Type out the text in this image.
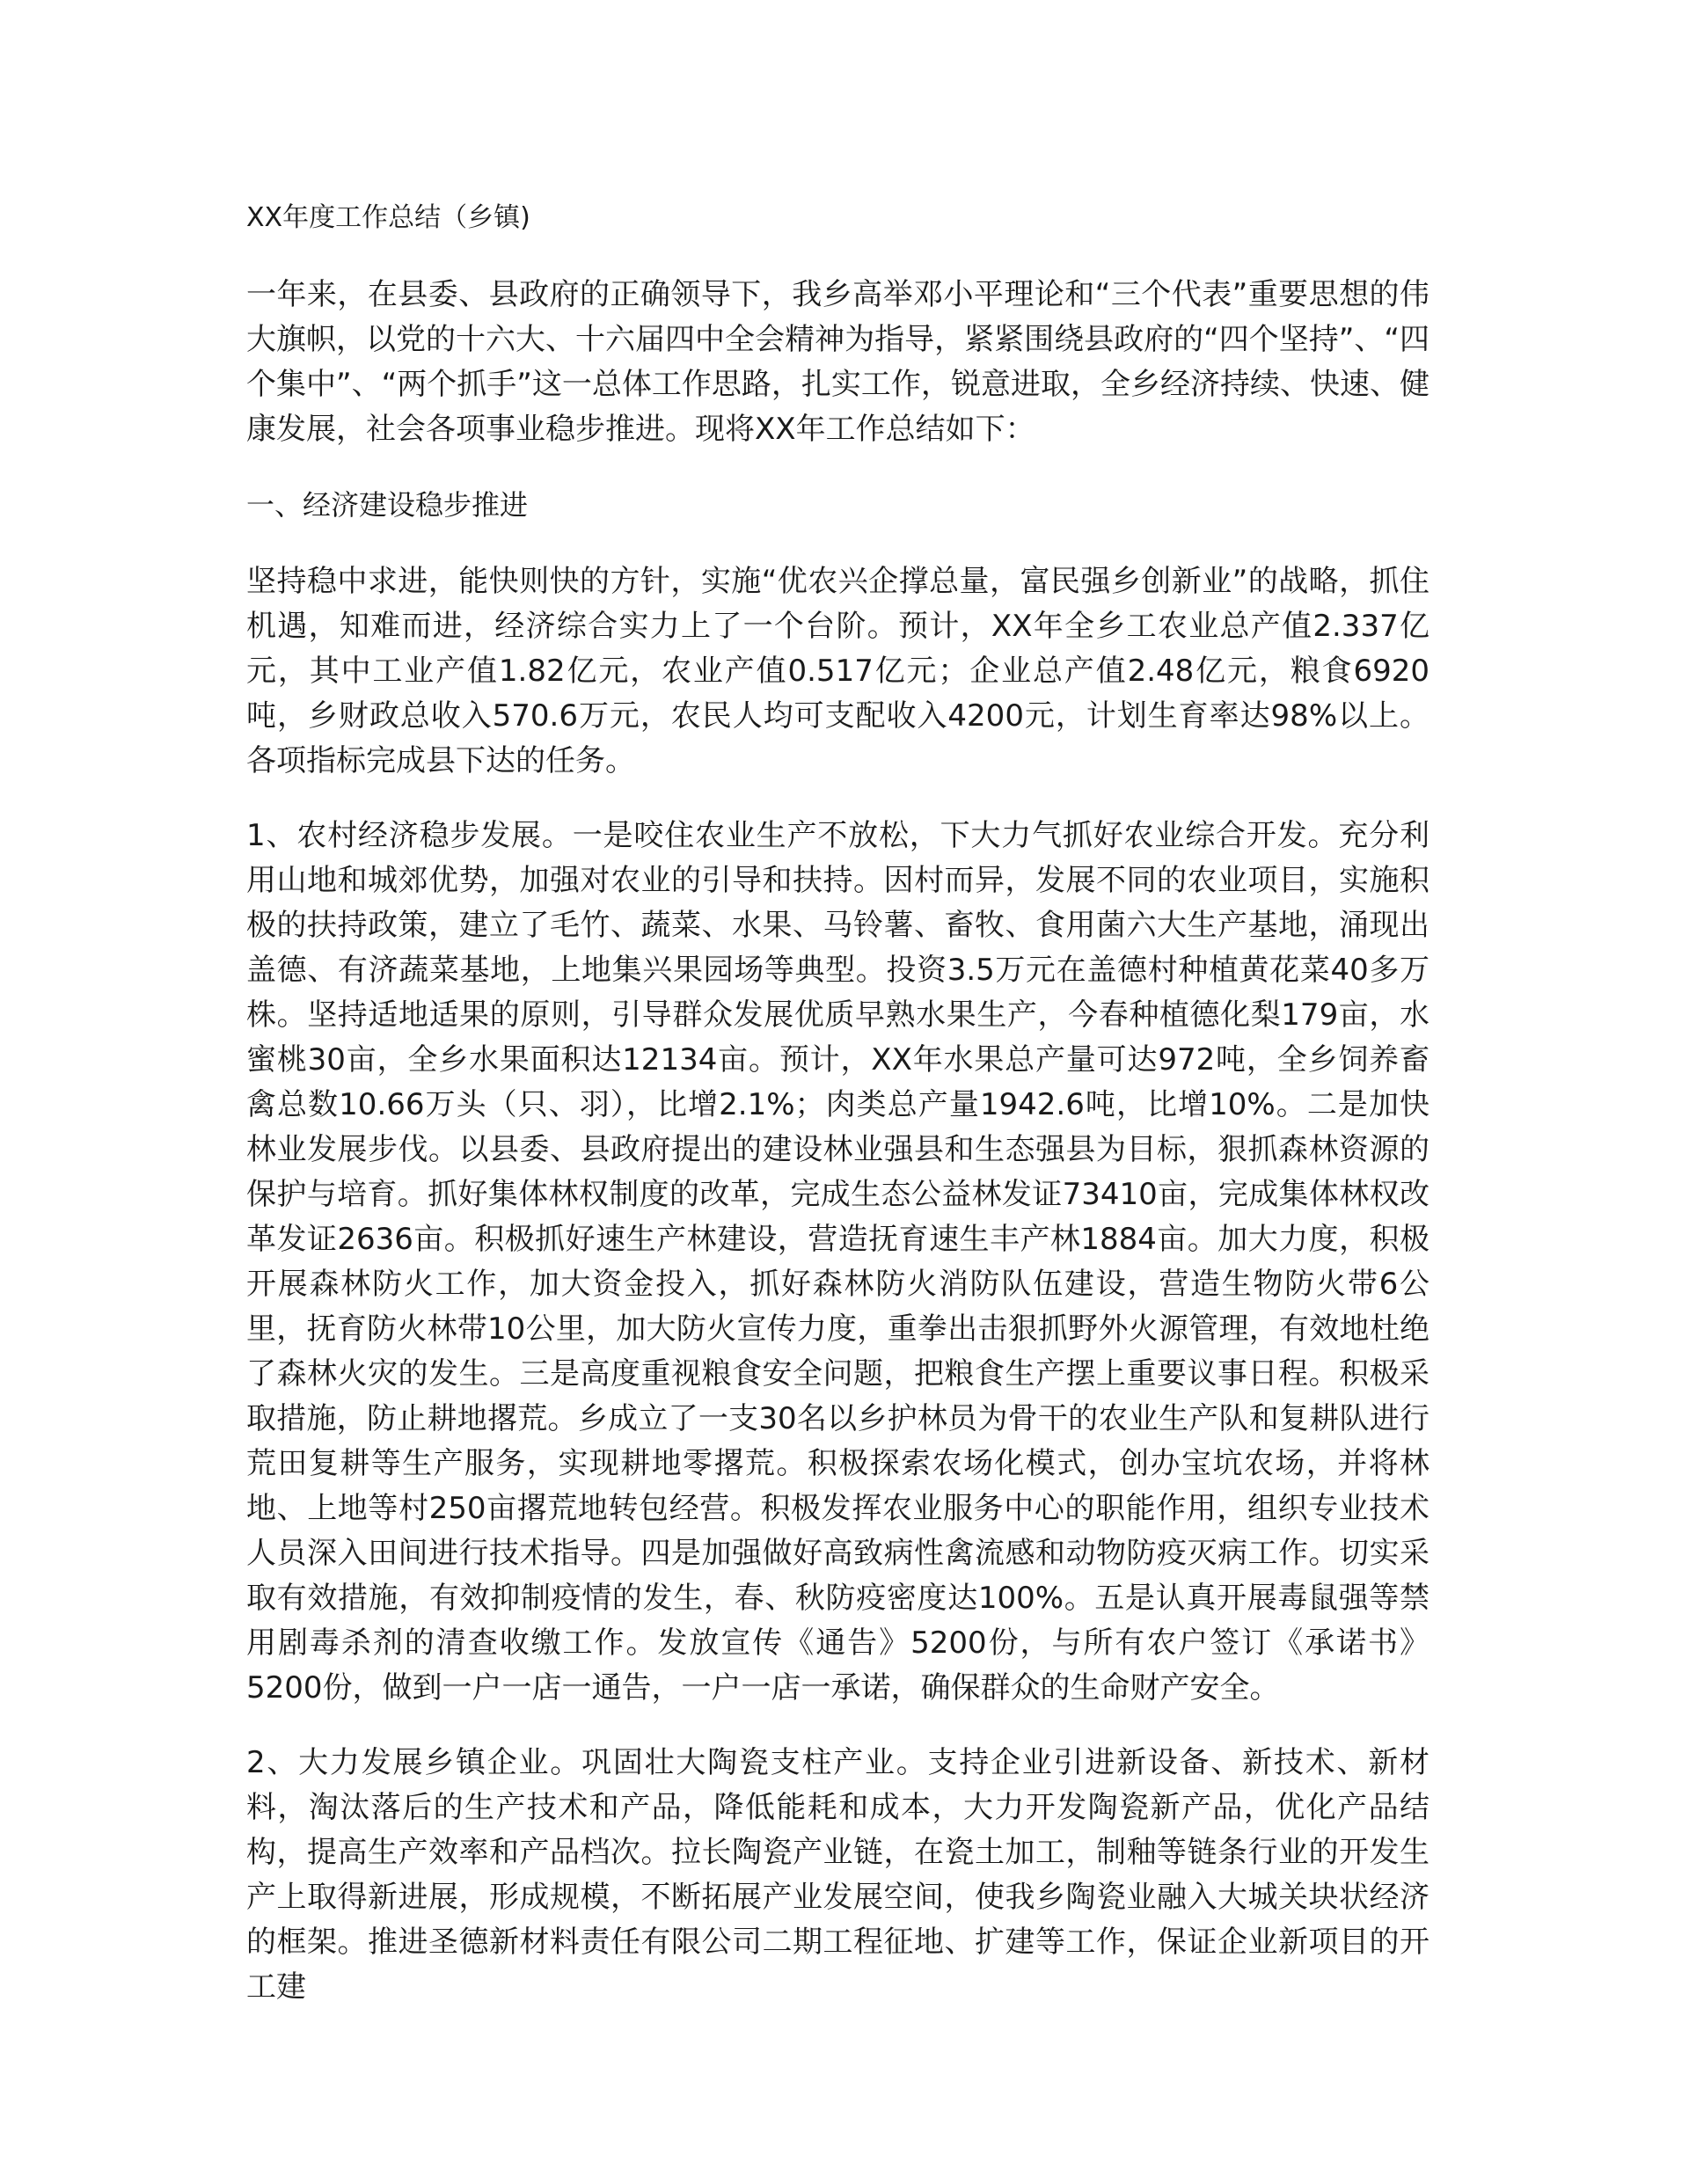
XX年度工作总结（乡镇)

一年来，在县委、县政府的正确领导下，我乡高举邓小平理论和“三个代表”重要思想的伟大旗帜，以党的十六大、十六届四中全会精神为指导，紧紧围绕县政府的“四个坚持”、“四个集中”、“两个抓手”这一总体工作思路，扎实工作，锐意进取，全乡经济持续、快速、健康发展，社会各项事业稳步推进。现将XX年工作总结如下：

一、经济建设稳步推进

坚持稳中求进，能快则快的方针，实施“优农兴企撑总量，富民强乡创新业”的战略，抓住机遇，知难而进，经济综合实力上了一个台阶。预计，XX年全乡工农业总产值2.337亿元，其中工业产值1.82亿元，农业产值0.517亿元；企业总产值2.48亿元，粮食6920吨，乡财政总收入570.6万元，农民人均可支配收入4200元，计划生育率达98%以上。各项指标完成县下达的任务。

1、农村经济稳步发展。一是咬住农业生产不放松，下大力气抓好农业综合开发。充分利用山地和城郊优势，加强对农业的引导和扶持。因村而异，发展不同的农业项目，实施积极的扶持政策，建立了毛竹、蔬菜、水果、马铃薯、畜牧、食用菌六大生产基地，涌现出盖德、有济蔬菜基地，上地集兴果园场等典型。投资3.5万元在盖德村种植黄花菜40多万株。坚持适地适果的原则，引导群众发展优质早熟水果生产，今春种植德化梨179亩，水蜜桃30亩，全乡水果面积达12134亩。预计，XX年水果总产量可达972吨，全乡饲养畜禽总数10.66万头（只、羽），比增2.1%；肉类总产量1942.6吨，比增10%。二是加快林业发展步伐。以县委、县政府提出的建设林业强县和生态强县为目标，狠抓森林资源的保护与培育。抓好集体林权制度的改革，完成生态公益林发证73410亩，完成集体林权改革发证2636亩。积极抓好速生产林建设，营造抚育速生丰产林1884亩。加大力度，积极开展森林防火工作，加大资金投入，抓好森林防火消防队伍建设，营造生物防火带6公里，抚育防火林带10公里，加大防火宣传力度，重拳出击狠抓野外火源管理，有效地杜绝了森林火灾的发生。三是高度重视粮食安全问题，把粮食生产摆上重要议事日程。积极采取措施，防止耕地撂荒。乡成立了一支30名以乡护林员为骨干的农业生产队和复耕队进行荒田复耕等生产服务，实现耕地零撂荒。积极探索农场化模式，创办宝坑农场，并将林地、上地等村250亩撂荒地转包经营。积极发挥农业服务中心的职能作用，组织专业技术人员深入田间进行技术指导。四是加强做好高致病性禽流感和动物防疫灭病工作。切实采取有效措施，有效抑制疫情的发生，春、秋防疫密度达100%。五是认真开展毒鼠强等禁用剧毒杀剂的清查收缴工作。发放宣传《通告》5200份，与所有农户签订《承诺书》5200份，做到一户一店一通告，一户一店一承诺，确保群众的生命财产安全。

2、大力发展乡镇企业。巩固壮大陶瓷支柱产业。支持企业引进新设备、新技术、新材料，淘汰落后的生产技术和产品，降低能耗和成本，大力开发陶瓷新产品，优化产品结构，提高生产效率和产品档次。拉长陶瓷产业链，在瓷土加工，制釉等链条行业的开发生产上取得新进展，形成规模，不断拓展产业发展空间，使我乡陶瓷业融入大城关块状经济的框架。推进圣德新材料责任有限公司二期工程征地、扩建等工作，保证企业新项目的开工建
